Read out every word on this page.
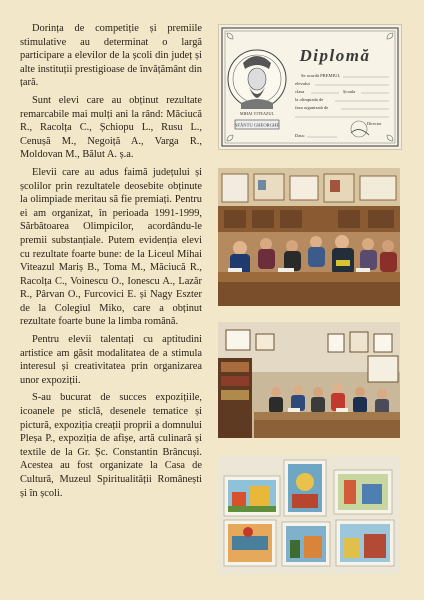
Dorința de competiție și premiile stimulative au determinat o largă participare a elevilor de la școli din județ și alte instituții prestigioase de învățământ din țară.

Sunt elevi care au obținut rezultate remarcabile mai mulți ani la rând: Măciucă R., Racolța C., Șchiopu L., Rusu L., Cenușă M., Negoiță A., Varga R., Moldovan M., Bălut A. ș.a.

Elevii care au adus faimă județului și școlilor prin rezultatele deosebite obținute la olimpiade meritau să fie premiați. Pentru ei am organizat, în perioada 1991-1999, Sărbătoarea Olimpicilor, acordându-le premii substanțiale. Putem evidenția elevi cu rezultate foarte bune: de la Liceul Mihai Viteazul Mariș B., Toma M., Măciucă R., Racolța C., Voinescu O., Ionescu A., Lazăr R., Pârvan O., Furcovici E. și Nagy Eszter de la Colegiul Miko, care a obținut rezultate foarte bune la limba română.

Pentru elevii talentați cu aptitudini artistice am găsit modalitatea de a stimula interesul și creativitatea prin organizarea unor expoziții.

S-au bucurat de succes expozițiile, icoanele pe sticlă, desenele tematice și pictură, expoziția creații proprii a domnului Pleșa P., expoziția de afișe, artă culinară și textile de la Gr. Șc. Constantin Brâncuși. Acestea au fost organizate la Casa de Cultură, Muzeul Spiritualității Românești și în școli.

MIHAI VITEAZUL
SFÂNTU GHEORGHE
Diplomă
Se acordă PREMIUL
elevului
clasa	Școala
la olimpiada de
faza organizată de
Data:
Director
